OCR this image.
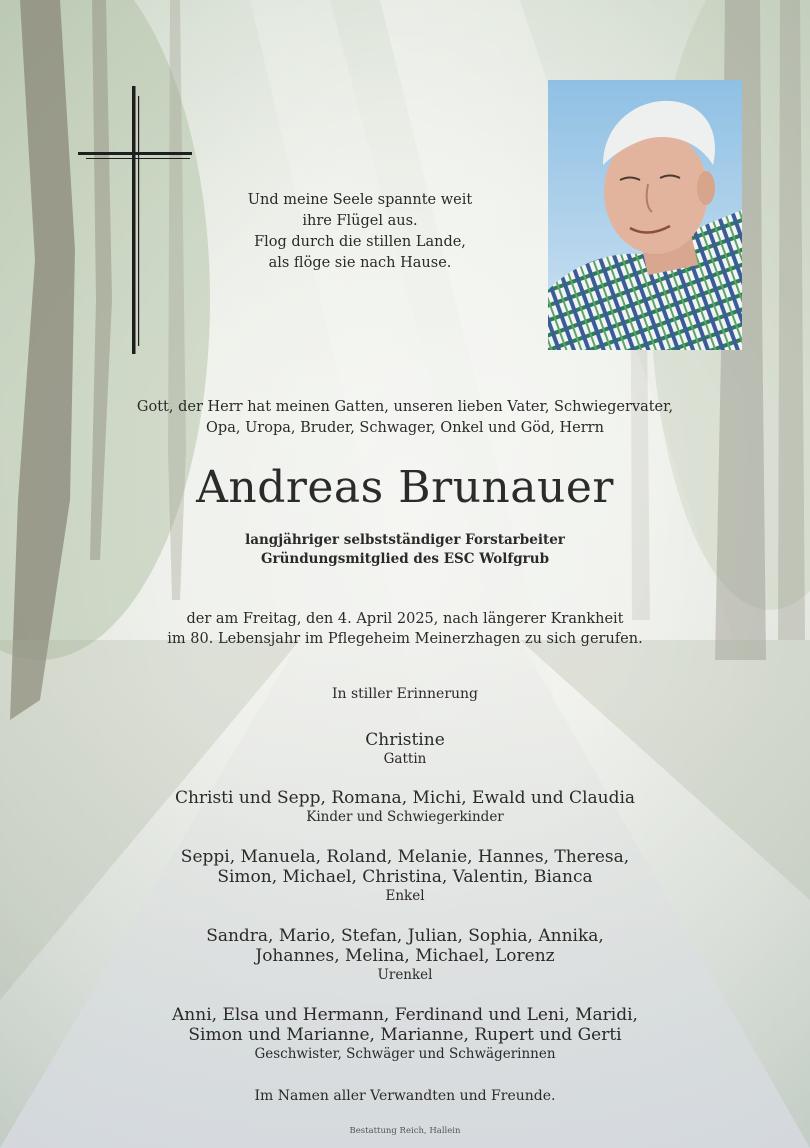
Und meine Seele spannte weit
ihre Flügel aus.
Flog durch die stillen Lande,
als flöge sie nach Hause.
Gott, der Herr hat meinen Gatten, unseren lieben Vater, Schwiegervater,
Opa, Uropa, Bruder, Schwager, Onkel und Göd, Herrn
Andreas Brunauer
langjähriger selbstständiger Forstarbeiter
Gründungsmitglied des ESC Wolfgrub
der am Freitag, den 4. April 2025, nach längerer Krankheit
im 80. Lebensjahr im Pflegeheim Meinerzhagen zu sich gerufen.
In stiller Erinnerung
Christine
Gattin
Christi und Sepp, Romana, Michi, Ewald und Claudia
Kinder und Schwiegerkinder
Seppi, Manuela, Roland, Melanie, Hannes, Theresa,
Simon, Michael, Christina, Valentin, Bianca
Enkel
Sandra, Mario, Stefan, Julian, Sophia, Annika,
Johannes, Melina, Michael, Lorenz
Urenkel
Anni, Elsa und Hermann, Ferdinand und Leni, Maridi,
Simon und Marianne, Marianne, Rupert und Gerti
Geschwister, Schwäger und Schwägerinnen
Im Namen aller Verwandten und Freunde.
Bestattung Reich, Hallein
